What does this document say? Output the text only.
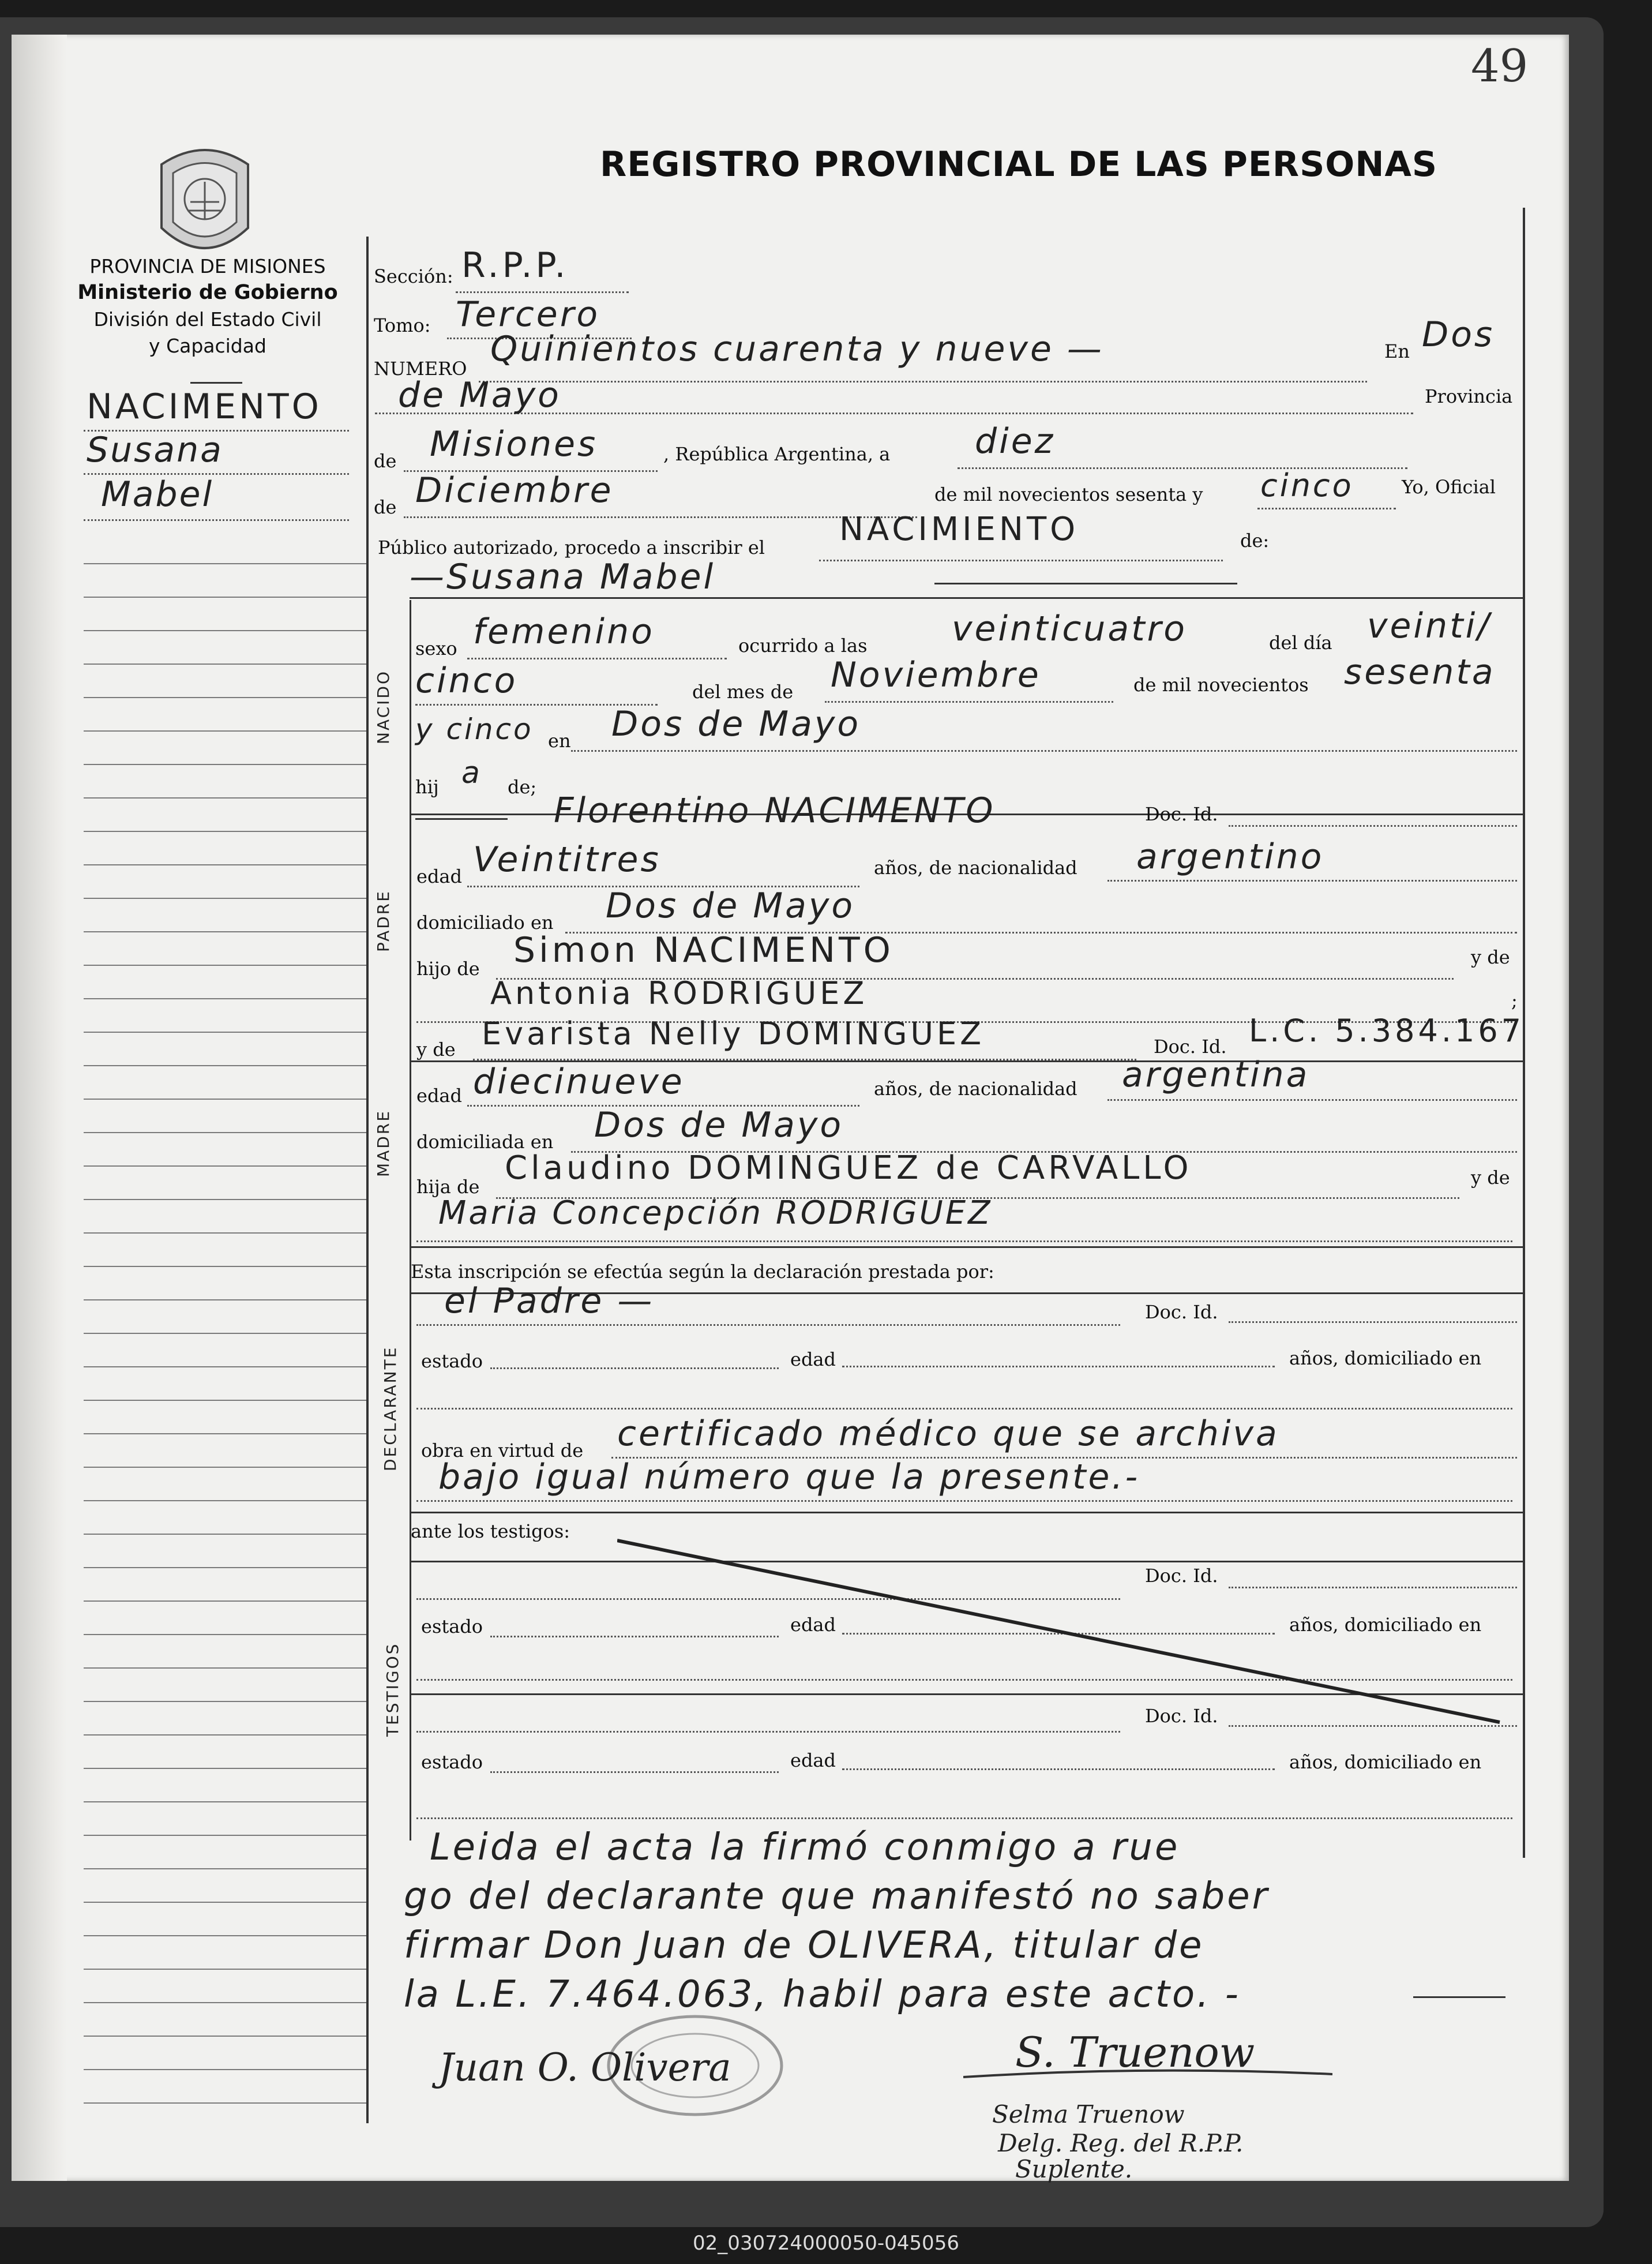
49
REGISTRO PROVINCIAL DE LAS PERSONAS
PROVINCIA DE MISIONES
Ministerio de Gobierno
División del Estado Civil
y Capacidad
NACIMENTO
Susana
Mabel
Sección: R.P.P.
Tomo: Tercero
NUMERO Quinientos cuarenta y nueve —	En Dos
de Mayo	Provincia
de Misiones	, República Argentina, a diez
de Diciembre	de mil novecientos sesenta y cinco	Yo, Oficial
Público autorizado, procedo a inscribir el NACIMIENTO	de:
—Susana Mabel
NACIDO
sexo femenino	ocurrido a las veinticuatro	del día veinti/
cinco	del mes de Noviembre	de mil novecientos sesenta
y cinco en Dos de Mayo
hij a de;
PADRE
Florentino NACIMENTO	Doc. Id.
edad Veintitres	años, de nacionalidad argentino
domiciliado en Dos de Mayo
hijo de Simon NACIMENTO	y de
Antonia RODRIGUEZ	;
MADRE
y de Evarista Nelly DOMINGUEZ	Doc. Id. L.C. 5.384.167
edad diecinueve	años, de nacionalidad argentina
domiciliada en Dos de Mayo
hija de Claudino DOMINGUEZ de CARVALLO	y de
Maria Concepción RODRIGUEZ
Esta inscripción se efectúa según la declaración prestada por:
DECLARANTE
el Padre —	Doc. Id.
estado	edad	años, domiciliado en
obra en virtud de certificado médico que se archiva
bajo igual número que la presente.-
ante los testigos:
TESTIGOS
Doc. Id.
estado	edad	años, domiciliado en
Doc. Id.
estado	edad	años, domiciliado en
Leida el acta la firmó conmigo a rue
go del declarante que manifestó no saber
firmar Don Juan de OLIVERA, titular de
la L.E. 7.464.063, habil para este acto. -
Juan O. Olivera	S. Truenow
Selma Truenow
Delg. Reg. del R.P.P.
Suplente.
02_030724000050-045056
